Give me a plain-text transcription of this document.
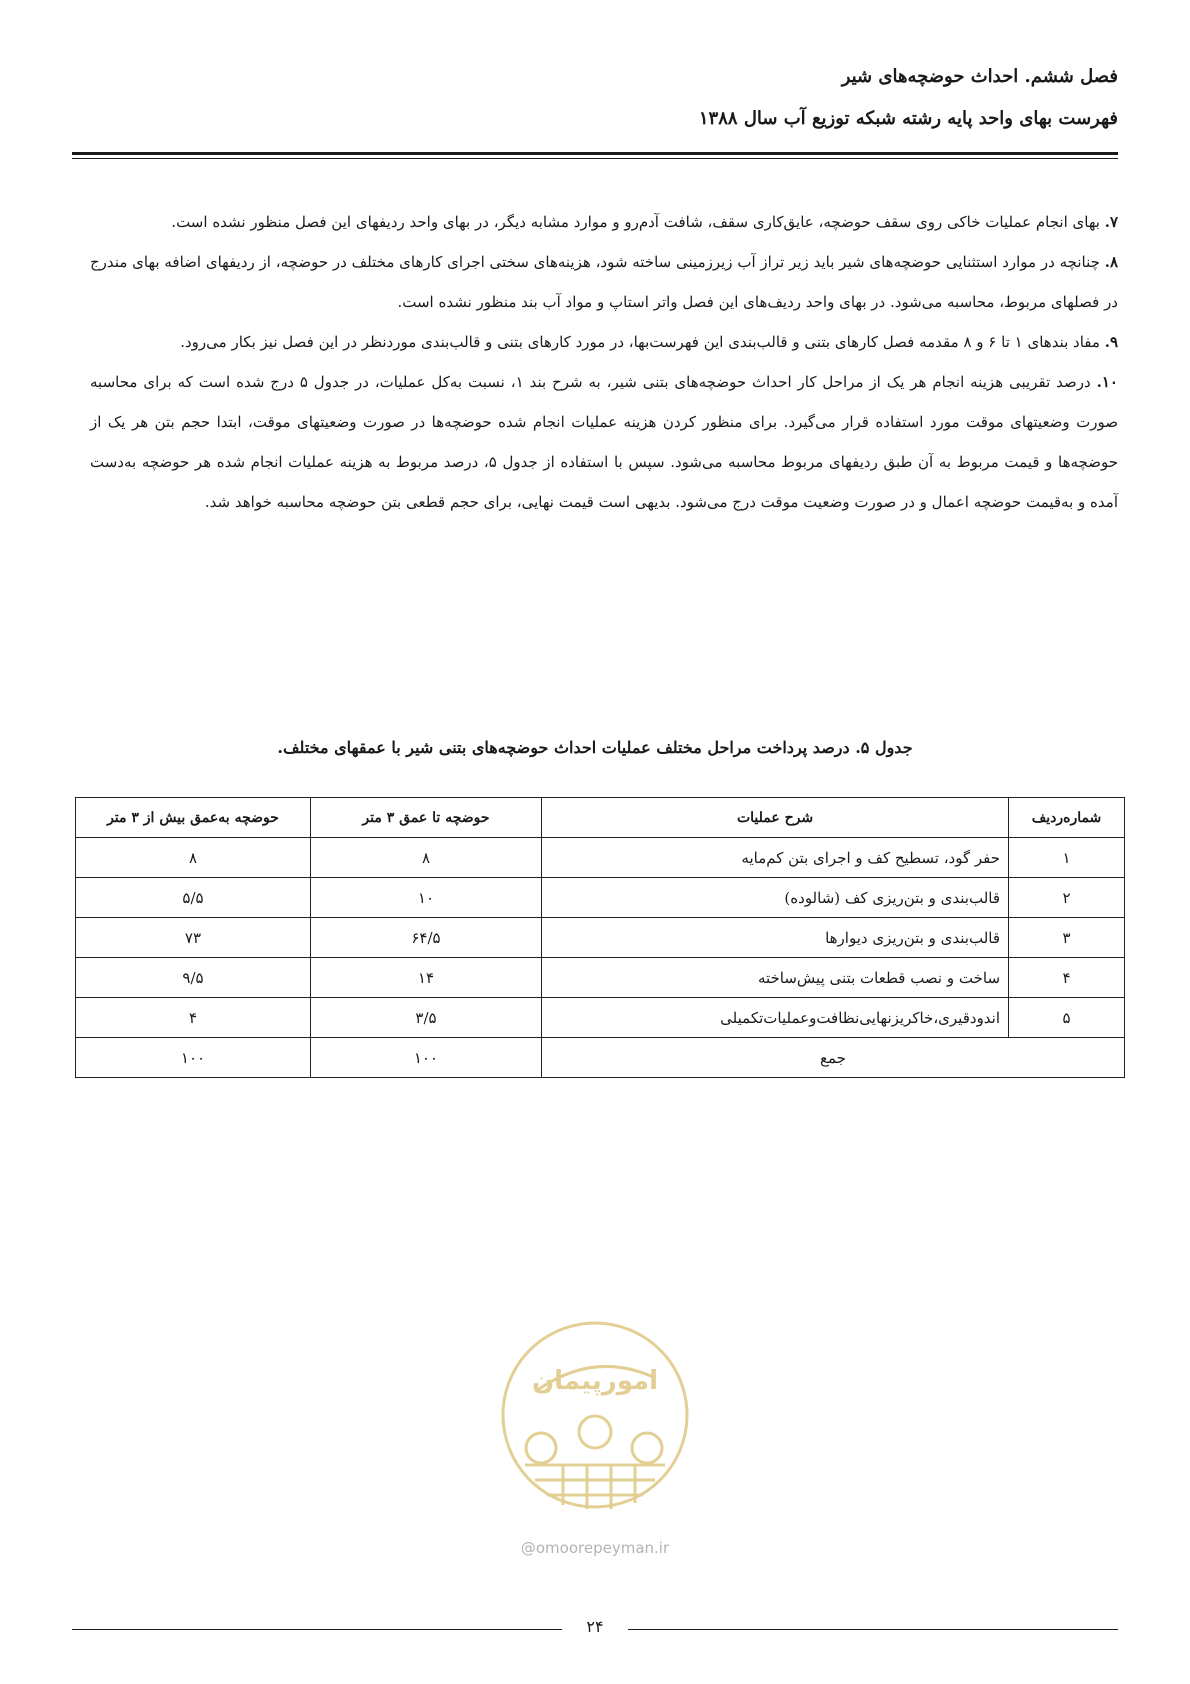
فصل ششم. احداث حوضچه‌های شیر
فهرست بهای واحد پایه رشته شبکه توزیع آب سال ۱۳۸۸

۷. بهای انجام عملیات خاکی روی سقف حوضچه، عایق‌کاری سقف، شافت آدم‌رو و موارد مشابه دیگر، در بهای واحد ردیفهای این فصل منظور نشده است.

۸. چنانچه در موارد استثنایی حوضچه‌های شیر باید زیر تراز آب زیرزمینی ساخته شود، هزینه‌های سختی اجرای کارهای مختلف در حوضچه، از ردیفهای اضافه بهای مندرج در فصلهای مربوط، محاسبه می‌شود. در بهای واحد ردیف‌های این فصل واتر استاپ و مواد آب بند منظور نشده است.

۹. مفاد بندهای ۱ تا ۶ و ۸ مقدمه فصل کارهای بتنی و قالب‌بندی این فهرست‌بها، در مورد کارهای بتنی و قالب‌بندی موردنظر در این فصل نیز بکار می‌رود.

۱۰. درصد تقریبی هزینه انجام هر یک از مراحل کار احداث حوضچه‌های بتنی شیر، به شرح بند ۱، نسبت به‌کل عملیات، در جدول ۵ درج شده است که برای محاسبه صورت وضعیتهای موقت مورد استفاده قرار می‌گیرد. برای منظور کردن هزینه عملیات انجام شده حوضچه‌ها در صورت وضعیتهای موقت، ابتدا حجم بتن هر یک از حوضچه‌ها و قیمت مربوط به آن طبق ردیفهای مربوط محاسبه می‌شود. سپس با استفاده از جدول ۵، درصد مربوط به هزینه عملیات انجام شده هر حوضچه به‌دست آمده و به‌قیمت حوضچه اعمال و در صورت وضعیت موقت درج می‌شود. بدیهی است قیمت نهایی، برای حجم قطعی بتن حوضچه محاسبه خواهد شد.

جدول ۵. درصد پرداخت مراحل مختلف عملیات احداث حوضچه‌های بتنی شیر با عمقهای مختلف.
شماره‌ردیف	شرح عملیات	حوضچه تا عمق ۳ متر	حوضچه به‌عمق بیش از ۳ متر
۱	حفر گود، تسطیح کف و اجرای بتن کم‌مایه	۸	۸
۲	قالب‌بندی و بتن‌ریزی کف (شالوده)	۱۰	۵/۵
۳	قالب‌بندی و بتن‌ریزی دیوارها	۶۴/۵	۷۳
۴	ساخت و نصب قطعات بتنی پیش‌ساخته	۱۴	۹/۵
۵	اندودقیری،خاکریزنهایی‌نظافت‌وعملیات‌تکمیلی	۳/۵	۴
جمع		۱۰۰	۱۰۰
امورپیمان
@omoorepeyman.ir
۲۴
